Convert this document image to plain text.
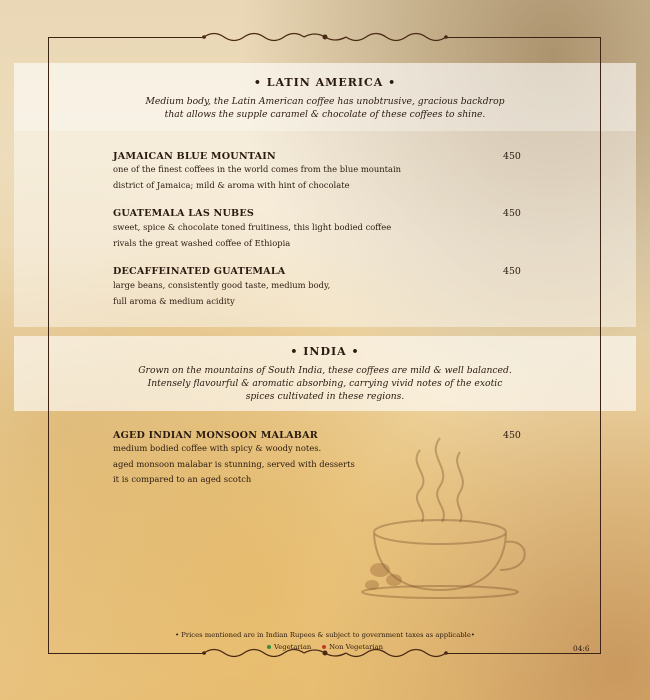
• LATIN AMERICA •
Medium body, the Latin American coffee has unobtrusive, gracious backdrop
that allows the supple caramel & chocolate of these coffees to shine.
JAMAICAN BLUE MOUNTAIN	450
one of the finest coffees in the world comes from the blue mountain
district of Jamaica; mild & aroma with hint of chocolate
GUATEMALA LAS NUBES	450
sweet, spice & chocolate toned fruitiness, this light bodied coffee
rivals the great washed coffee of Ethiopia
DECAFFEINATED GUATEMALA	450
large beans, consistently good taste, medium body,
full aroma & medium acidity
• INDIA •
Grown on the mountains of South India, these coffees are mild & well balanced.
Intensely flavourful & aromatic absorbing, carrying vivid notes of the exotic
spices cultivated in these regions.
AGED INDIAN MONSOON MALABAR	450
medium bodied coffee with spicy & woody notes.
aged monsoon malabar is stunning, served with desserts
it is compared to an aged scotch
• Prices mentioned are in Indian Rupees & subject to government taxes as applicable•
Vegetarian	Non Vegetarian	04:6
